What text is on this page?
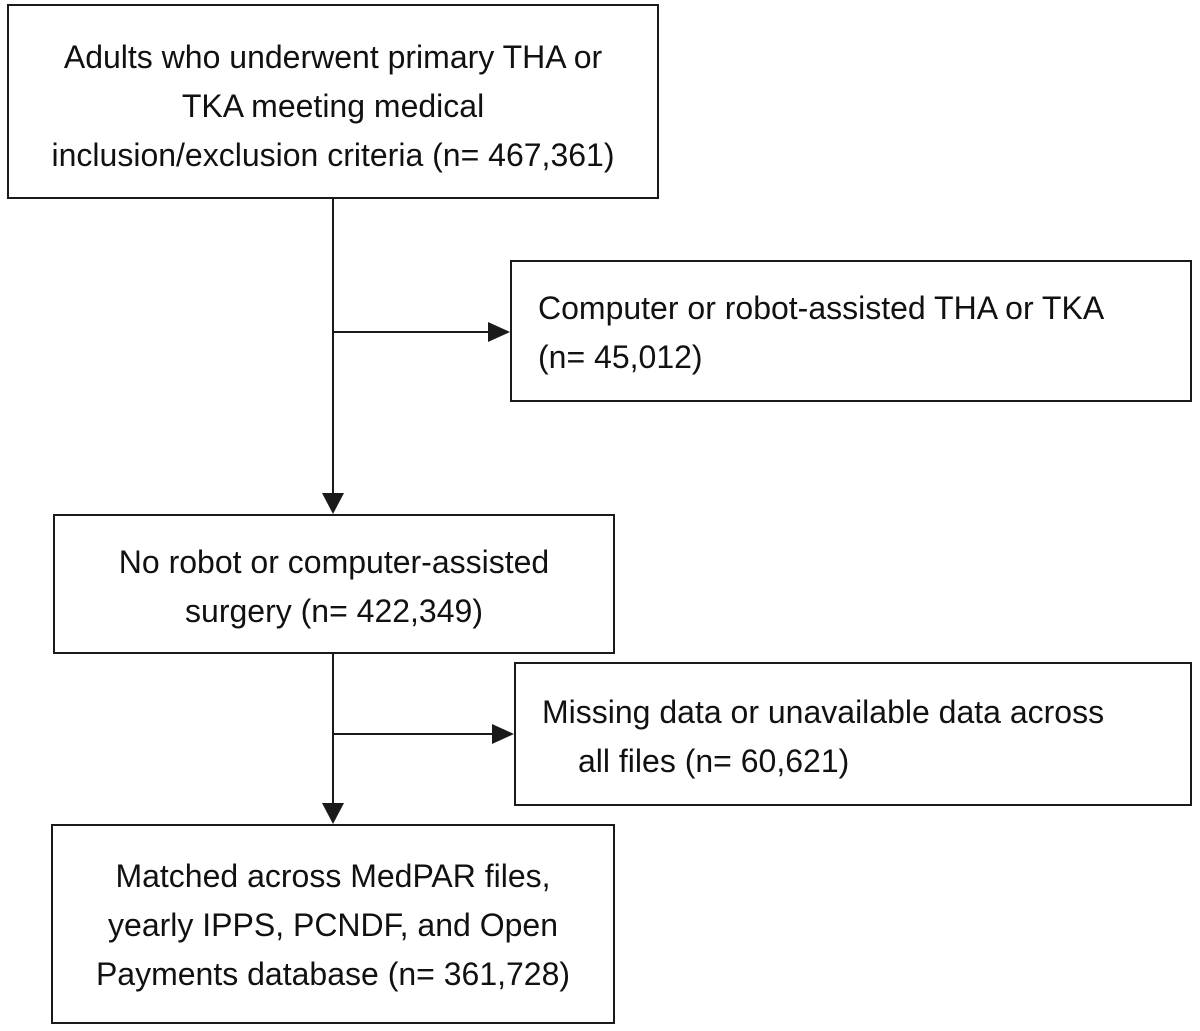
Adults who underwent primary THA or
TKA meeting medical
inclusion/exclusion criteria (n= 467,361)
Computer or robot-assisted THA or TKA
(n= 45,012)
No robot or computer-assisted
surgery (n= 422,349)
Missing data or unavailable data across
all files (n= 60,621)
Matched across MedPAR files,
yearly IPPS, PCNDF, and Open
Payments database (n= 361,728)
